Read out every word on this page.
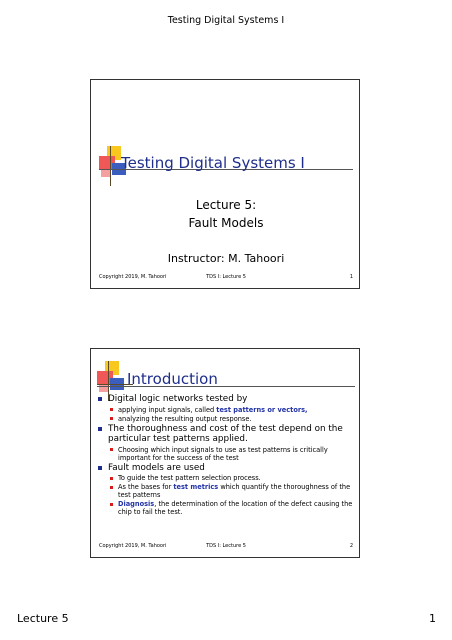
Testing Digital Systems I
Testing Digital Systems I
Lecture 5:
Fault Models
Instructor: M. Tahoori
Copyright 2019, M. Tahoori	TDS I: Lecture 5	1
Introduction
Digital logic networks tested by
applying input signals, called test patterns or vectors,
analyzing the resulting output response.
The thoroughness and cost of the test depend on the particular test patterns applied.
Choosing which input signals to use as test patterns is critically important for the success of the test
Fault models are used
To guide the test pattern selection process.
As the bases for test metrics which quantify the thoroughness of the test patterns
Diagnosis, the determination of the location of the defect causing the chip to fail the test.
Copyright 2019, M. Tahoori	TDS I: Lecture 5	2
Lecture 5	1
